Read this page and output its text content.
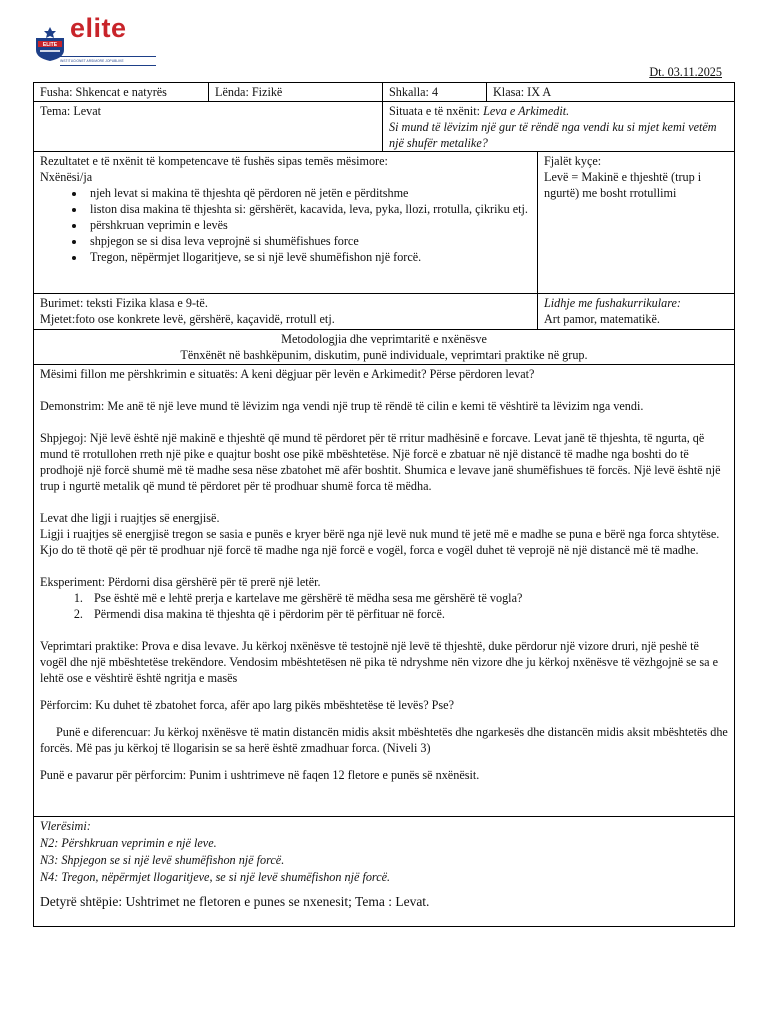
ELITE
elite
INSTITUCIONET ARSIMORE JOPUBLIKE
Dt. 03.11.2025
Fusha: Shkencat e natyrës	Lënda: Fizikë	Shkalla: 4	Klasa: IX A
Tema: Levat	Situata e të nxënit: Leva e Arkimedit.
Si mund të lëvizim një gur të rëndë nga vendi ku si mjet kemi vetëm një shufër metalike?
Rezultatet e të nxënit të kompetencave të fushës sipas temës mësimore:
Nxënësi/ja
• njeh levat si makina të thjeshta që përdoren në jetën e përditshme
• liston disa makina të thjeshta si: gërshërët, kacavida, leva, pyka, llozi, rrotulla, çikriku etj.
• përshkruan veprimin e levës
• shpjegon se si disa leva veprojnë si shumëfishues force
• Tregon, nëpërmjet llogaritjeve, se si një levë shumëfishon një forcë.
Fjalët kyçe:
Levë = Makinë e thjeshtë (trup i ngurtë) me bosht rrotullimi
Burimet: teksti Fizika klasa e 9-të.
Mjetet:foto ose konkrete levë, gërshërë, kaçavidë, rrotull etj.
Lidhje me fushakurrikulare:
Art pamor, matematikë.
Metodologjia dhe veprimtaritë e nxënësve
Tënxënët në bashkëpunim, diskutim, punë individuale, veprimtari praktike në grup.

Mësimi fillon me përshkrimin e situatës: A keni dëgjuar për levën e Arkimedit? Përse përdoren levat?

Demonstrim: Me anë të një leve mund të lëvizim nga vendi një trup të rëndë të cilin e kemi të vështirë ta lëvizim nga vendi.

Shpjegoj: Një levë është një makinë e thjeshtë që mund të përdoret për të rritur madhësinë e forcave. Levat janë të thjeshta, të ngurta, që mund të rrotullohen rreth një pike e quajtur bosht ose pikë mbështetëse. Një forcë e zbatuar në një distancë të madhe nga boshti do të prodhojë një forcë shumë më të madhe sesa nëse zbatohet më afër boshtit. Shumica e levave janë shumëfishues të forcës. Një levë është një trup i ngurtë metalik që mund të përdoret për të prodhuar shumë forca të mëdha.

Levat dhe ligji i ruajtjes së energjisë.

Ligji i ruajtjes së energjisë tregon se sasia e punës e kryer bërë nga një levë nuk mund të jetë më e madhe se puna e bërë nga forca shtytëse. Kjo do të thotë që për të prodhuar një forcë të madhe nga një forcë e vogël, forca e vogël duhet të veprojë në një distancë më të madhe.

Eksperiment: Përdorni disa gërshërë për të prerë një letër.

1. Pse është më e lehtë prerja e kartelave me gërshërë të mëdha sesa me gërshërë të vogla?
2. Përmendi disa makina të thjeshta që i përdorim për të përfituar në forcë.

Veprimtari praktike: Prova e disa levave. Ju kërkoj nxënësve të testojnë një levë të thjeshtë, duke përdorur një vizore druri, një peshë të vogël dhe një mbështetëse trekëndore. Vendosim mbështetësen në pika të ndryshme nën vizore dhe ju kërkoj nxënësve të vëzhgojnë se sa e lehtë ose e vështirë është ngritja e masës

Përforcim: Ku duhet të zbatohet forca, afër apo larg pikës mbështetëse të levës? Pse?

Punë e diferencuar: Ju kërkoj nxënësve të matin distancën midis aksit mbështetës dhe ngarkesës dhe distancën midis aksit mbështetës dhe forcës. Më pas ju kërkoj të llogarisin se sa herë është zmadhuar forca. (Niveli 3)

Punë e pavarur për përforcim: Punim i ushtrimeve në faqen 12 fletore e punës së nxënësit.

Vlerësimi:
N2: Përshkruan veprimin e një leve.
N3: Shpjegon se si një levë shumëfishon një forcë.
N4: Tregon, nëpërmjet llogaritjeve, se si një levë shumëfishon një forcë.
Detyrë shtëpie: Ushtrimet ne fletoren e punes se nxenesit; Tema : Levat.
